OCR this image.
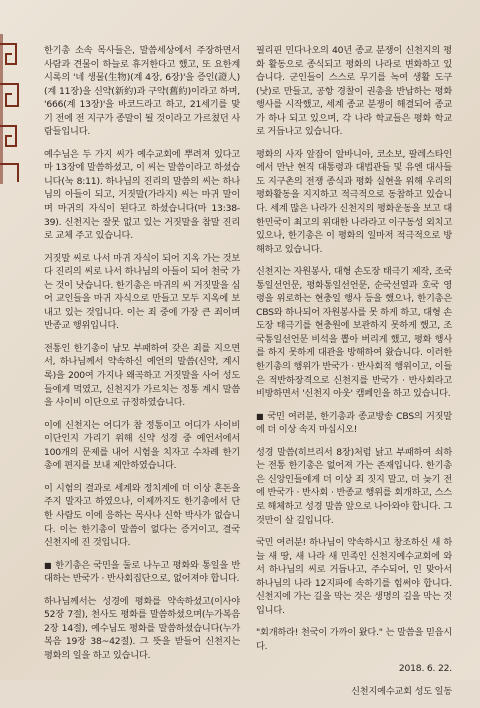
한기총 소속 목사들은, 말씀세상에서 주장하면서 사람과 견물이 하늘로 휴거한다고 했고, 또 요한계시록의 '네 생물(生物)(계 4장, 6장)'을 증인(證人)(계 11장)을 신약(新約)과 구약(舊約)이라고 하며, '666(계 13장)'을 바코드라고 하고, 21세기를 맞기 전에 전 지구가 종말이 될 것이라고 가르쳤던 사람들입니다.

예수님은 두 가지 씨가 예수교회에 뿌려져 있다고 마 13장에 말씀하셨고, 이 씨는 말씀이라고 하셨습니다(눅 8:11). 하나님의 진리의 말씀의 씨는 하나님의 아들이 되고, 거짓말(가라지) 씨는 마귀 말이며 마귀의 자식이 된다고 하셨습니다(마 13:38-39). 신천지는 잘못 없고 있는 거짓말을 참말 진리로 교체 주고 있습니다.

거짓말 씨로 나서 마귀 자식이 되어 지옥 가는 것보다 진리의 씨로 나서 하나님의 아들이 되어 천국 가는 것이 낫습니다. 한기총은 마귀의 씨 거짓말을 심어 교인들을 마귀 자식으로 만들고 모두 지옥에 보내고 있는 것입니다. 이는 죄 중에 가장 큰 죄이며 반종교 행위입니다.

전통인 한기총이 남모 부패하여 갖은 죄를 지으면서, 하나님께서 약속하신 예언의 말씀(신약, 계시록)을 200여 가지나 왜곡하고 거짓말을 사어 성도들에게 먹였고, 신천지가 가르치는 정통 계시 말씀을 사이비 이단으로 규정하였습니다.

이에 신천지는 어디가 참 정통이고 어디가 사이비 이단인지 가리기 위해 신약 성경 중 예언서에서 100개의 문제를 내어 시험을 치자고 수차례 한기총에 편지를 보내 제안하였습니다.

이 시험의 결과로 세계와 정치계에 더 이상 혼돈을 주지 말자고 하였으나, 이제까지도 한기총에서 단 한 사람도 이에 응하는 목사나 신학 박사가 없습니다. 이는 한기총이 말씀이 없다는 증거이고, 결국 신천지에 진 것입니다.

■ 한기총은 국민을 둘로 나누고 평화와 통일을 반대하는 반국가 · 반사회집단으로, 없어져야 합니다.

하나님께서는 성경에 평화를 약속하셨고(이사야 52장 7절), 천사도 평화를 말씀하셨으며(누가복음 2장 14절), 예수님도 평화를 말씀하셨습니다(누가복음 19장 38~42절). 그 뜻을 받들어 신천지는 평화의 일을 하고 있습니다.

필리핀 민다나오의 40년 종교 분쟁이 신천지의 평화 활동으로 종식되고 평화의 나라로 변화하고 있습니다. 군인들이 스스로 무기를 녹여 생활 도구(낫)로 만들고, 공항 경찰이 권총을 반납하는 평화 행사를 시작했고, 세계 종교 분쟁이 해결되어 종교가 하나 되고 있으며, 각 나라 학교들은 평화 학교로 거듭나고 있습니다.

평화의 사자 앞잡이 알바니아, 코소보, 팔레스타인에서 만난 현직 대통령과 대법관들 및 유엔 대사들도 지구촌의 전쟁 종식과 평화 실현을 위해 우리의 평화활동을 지지하고 적극적으로 동참하고 있습니다. 세계 많은 나라가 신천지의 평화운동을 보고 대한민국이 최고의 위대한 나라라고 이구동성 외치고 있으나, 한기총은 이 평화의 일마저 적극적으로 방해하고 있습니다.

신천지는 자원봉사, 대형 손도장 태극기 제작, 조국통일선언문, 평화통일선언문, 순국선열과 호국 영령을 위로하는 현충일 행사 등을 했으나, 한기총은 CBS와 하나되어 자원봉사를 못 하게 하고, 대형 손도장 태극기를 현충원에 보관하지 못하게 했고, 조국통일선언문 비석을 뽑아 버리게 했고, 평화 행사를 하지 못하게 대관을 방해하여 왔습니다. 이러한 한기총의 행위가 반국가 · 반사회적 행위이고, 이들은 적반하장격으로 신천지를 반국가 · 반사회라고 비방하면서 '신천지 아웃' 캠페인을 하고 있습니다.

■ 국민 여러분, 한기총과 종교방송 CBS의 거짓말에 더 이상 속지 마십시오!

성경 말씀(히브리서 8장)처럼 낡고 부패하여 쇠하는 전통 한기총은 없어져 가는 존재입니다. 한기총은 신앙인들에게 더 이상 죄 짓지 말고, 더 늦기 전에 반국가 · 반사회 · 반종교 행위를 회개하고, 스스로 해체하고 성경 말씀 앞으로 나아와야 합니다. 그것만이 살 길입니다.

국민 여러분! 하나님이 약속하시고 창조하신 새 하늘 새 땅, 새 나라 새 민족인 신천지예수교회에 와서 하나님의 씨로 거듭나고, 주수되어, 인 맞아서 하나님의 나라 12지파에 속하기를 힘써야 합니다. 신천지에 가는 길을 막는 것은 생명의 길을 막는 것입니다.

"회개하라! 천국이 가까이 왔다." 는 말씀을 믿읍시다.

2018. 6. 22.

신천지예수교회 성도 일동
